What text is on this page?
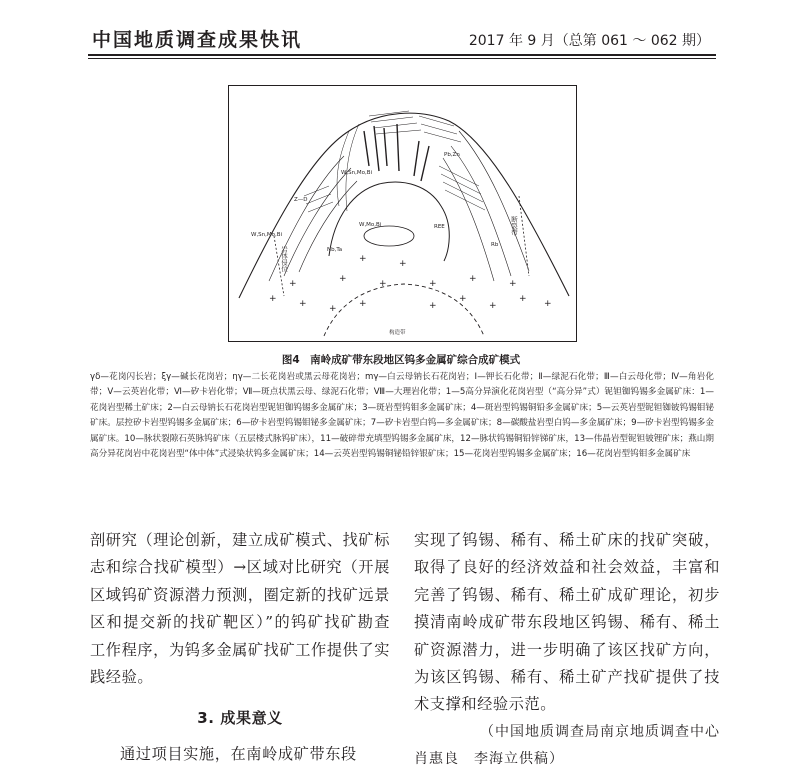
中国地质调查成果快讯	2017 年 9 月（总第 061 ～ 062 期）
+ + + +	+
+
+
+ +
+	+
+	+
+	+
+
+
W,Sn,Mo,Bi
W,Sn,Mo,Bi
W,Mo,Bi
Rb
REE
Z—D
Pb,Zn
Nb,Ta
构造带
岩体侵位
断裂带
图4　南岭成矿带东段地区钨多金属矿综合成矿模式
γδ—花岗闪长岩；ξγ—碱长花岗岩；ηγ—二长花岗岩或黑云母花岗岩；mγ—白云母钠长石花岗岩；Ⅰ—钾长石化带；Ⅱ—绿泥石化带；Ⅲ—白云母化带；Ⅳ—角岩化带；Ⅴ—云英岩化带；Ⅵ—矽卡岩化带；Ⅶ—斑点状黑云母、绿泥石化带；Ⅷ—大理岩化带；1—5高分异演化花岗岩型（“高分异”式）铌钽铷钨锡多金属矿床：1—花岗岩型稀土矿床；2—白云母钠长石花岗岩型铌钽铷钨锡多金属矿床；3—斑岩型钨钼多金属矿床；4—斑岩型钨锡铜铅多金属矿床；5—云英岩型铌钽铷铍钨锡钼铋矿床。层控矽卡岩型钨锡多金属矿床；6—矽卡岩型钨锡钼铋多金属矿床；7—矽卡岩型白钨—多金属矿床；8—碳酸盐岩型白钨—多金属矿床；9—矽卡岩型钨锡多金属矿床。10—脉状裂隙石英脉钨矿床（五层楼式脉钨矿床），11—破碎带充填型钨锡多金属矿床，12—脉状钨锡铜铅锌锑矿床，13—伟晶岩型铌钽铍锂矿床；燕山期高分异花岗岩中花岗岩型“体中体”式浸染状钨多金属矿床；14—云英岩型钨锡铜铋铅锌银矿床；15—花岗岩型钨锡多金属矿床；16—花岗岩型钨钼多金属矿床

剖研究（理论创新，建立成矿模式、找矿标志和综合找矿模型）→区域对比研究（开展区域钨矿资源潜力预测，圈定新的找矿远景区和提交新的找矿靶区）”的钨矿找矿勘查工作程序，为钨多金属矿找矿工作提供了实践经验。

3. 成果意义

通过项目实施，在南岭成矿带东段

实现了钨锡、稀有、稀土矿床的找矿突破，取得了良好的经济效益和社会效益，丰富和完善了钨锡、稀有、稀土矿成矿理论，初步摸清南岭成矿带东段地区钨锡、稀有、稀土矿资源潜力，进一步明确了该区找矿方向，为该区钨锡、稀有、稀土矿产找矿提供了技术支撑和经验示范。

（中国地质调查局南京地质调查中心

肖惠良　李海立供稿）
